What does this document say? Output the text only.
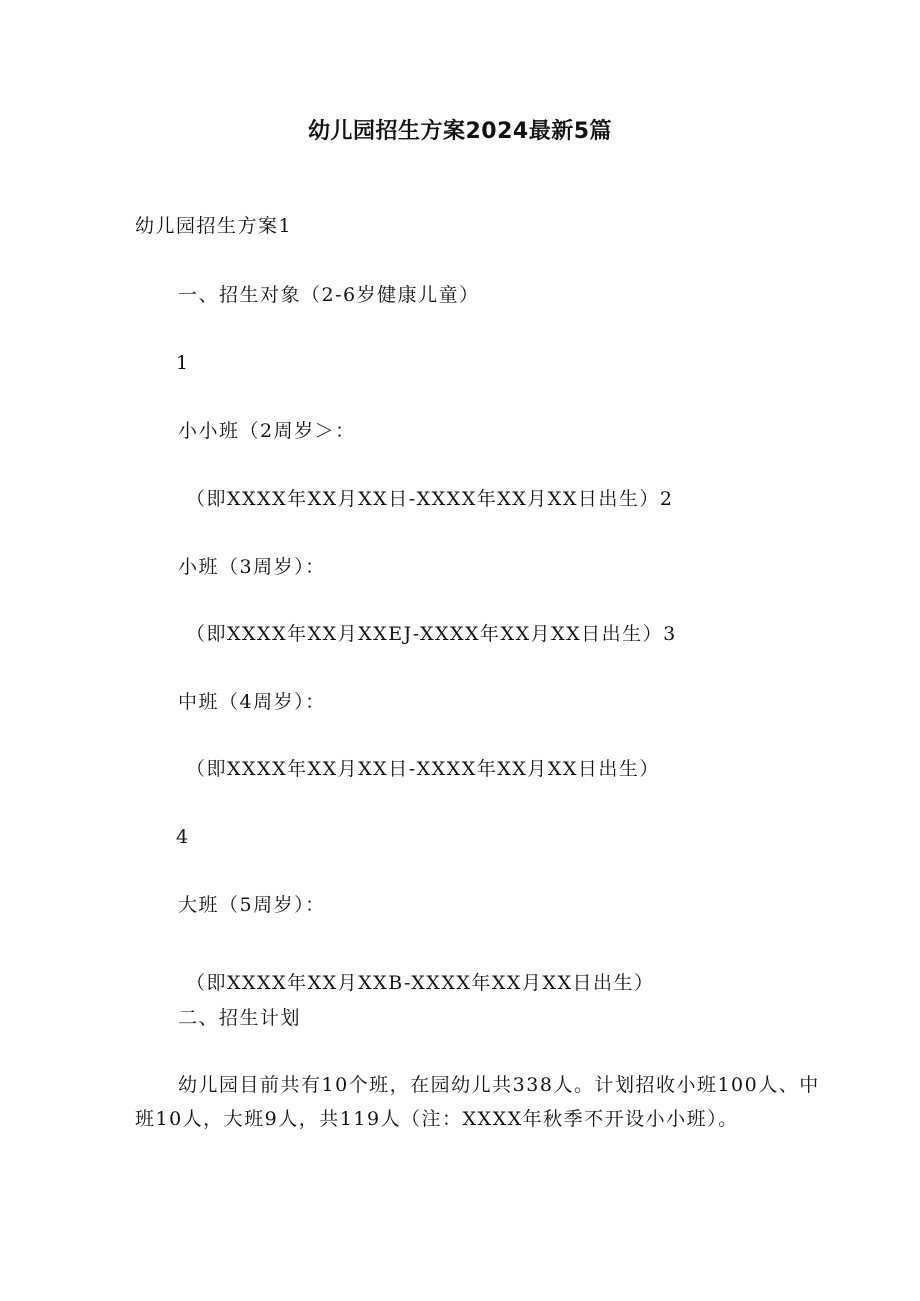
幼儿园招生方案2024最新5篇
幼儿园招生方案1
一、招生对象（2-6岁健康儿童）
1
小小班（2周岁＞：
（即XXXX年XX月XX日-XXXX年XX月XX日出生）2
小班（3周岁）：
（即XXXX年XX月XXEJ-XXXX年XX月XX日出生）3
中班（4周岁）：
（即XXXX年XX月XX日-XXXX年XX月XX日出生）
4
大班（5周岁）：
（即XXXX年XX月XXB-XXXX年XX月XX日出生）
二、招生计划
幼儿园目前共有10个班，在园幼儿共338人。计划招收小班100人、中
班10人，大班9人，共119人（注：XXXX年秋季不开设小小班）。
